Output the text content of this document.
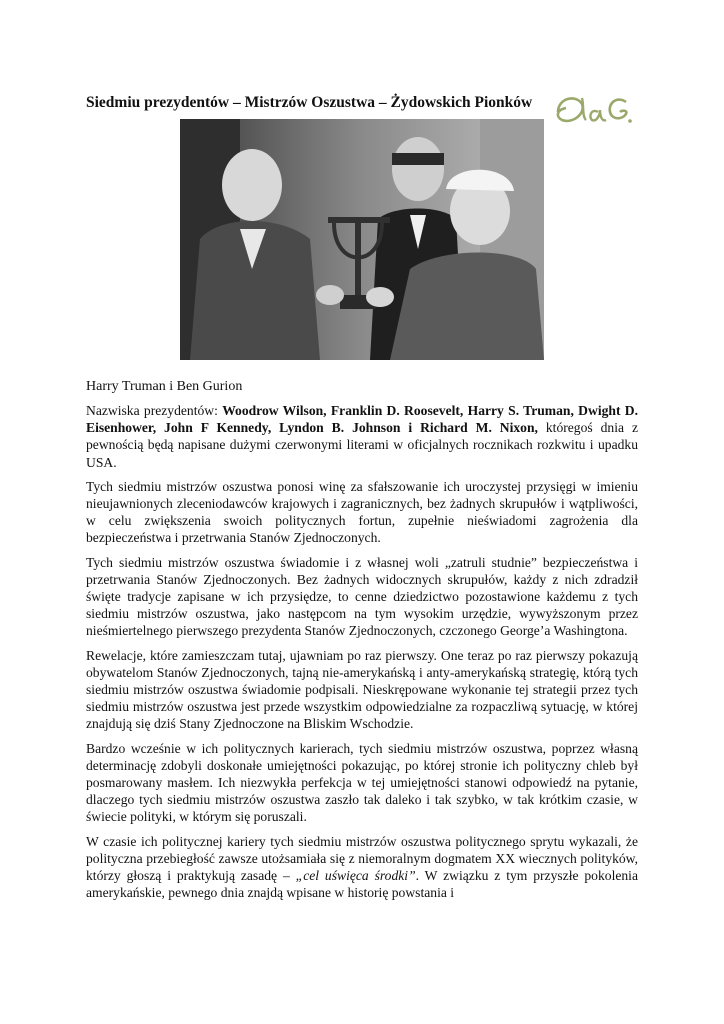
Siedmiu prezydentów – Mistrzów Oszustwa – Żydowskich Pionków

Harry Truman i Ben Gurion

Nazwiska prezydentów: Woodrow Wilson, Franklin D. Roosevelt, Harry S. Truman, Dwight D. Eisenhower, John F Kennedy, Lyndon B. Johnson i Richard M. Nixon, któregoś dnia z pewnością będą napisane dużymi czerwonymi literami w oficjalnych rocznikach rozkwitu i upadku USA.

Tych siedmiu mistrzów oszustwa ponosi winę za sfałszowanie ich uroczystej przysięgi w imieniu nieujawnionych zleceniodawców krajowych i zagranicznych, bez żadnych skrupułów i wątpliwości, w celu zwiększenia swoich politycznych fortun, zupełnie nieświadomi zagrożenia dla bezpieczeństwa i przetrwania Stanów Zjednoczonych.

Tych siedmiu mistrzów oszustwa świadomie i z własnej woli „zatruli studnie” bezpieczeństwa i przetrwania Stanów Zjednoczonych. Bez żadnych widocznych skrupułów, każdy z nich zdradził święte tradycje zapisane w ich przysiędze, to cenne dziedzictwo pozostawione każdemu z tych siedmiu mistrzów oszustwa, jako następcom na tym wysokim urzędzie, wywyższonym przez nieśmiertelnego pierwszego prezydenta Stanów Zjednoczonych, czczonego George’a Washingtona.

Rewelacje, które zamieszczam tutaj, ujawniam po raz pierwszy. One teraz po raz pierwszy pokazują obywatelom Stanów Zjednoczonych, tajną nie-amerykańską i anty-amerykańską strategię, którą tych siedmiu mistrzów oszustwa świadomie podpisali. Nieskrępowane wykonanie tej strategii przez tych siedmiu mistrzów oszustwa jest przede wszystkim odpowiedzialne za rozpaczliwą sytuację, w której znajdują się dziś Stany Zjednoczone na Bliskim Wschodzie.

Bardzo wcześnie w ich politycznych karierach, tych siedmiu mistrzów oszustwa, poprzez własną determinację zdobyli doskonałe umiejętności pokazując, po której stronie ich polityczny chleb był posmarowany masłem. Ich niezwykła perfekcja w tej umiejętności stanowi odpowiedź na pytanie, dlaczego tych siedmiu mistrzów oszustwa zaszło tak daleko i tak szybko, w tak krótkim czasie, w świecie polityki, w którym się poruszali.

W czasie ich politycznej kariery tych siedmiu mistrzów oszustwa politycznego sprytu wykazali, że polityczna przebiegłość zawsze utożsamiała się z niemoralnym dogmatem XX wiecznych polityków, którzy głoszą i praktykują zasadę – „cel uświęca środki”. W związku z tym przyszłe pokolenia amerykańskie, pewnego dnia znajdą wpisane w historię powstania i
